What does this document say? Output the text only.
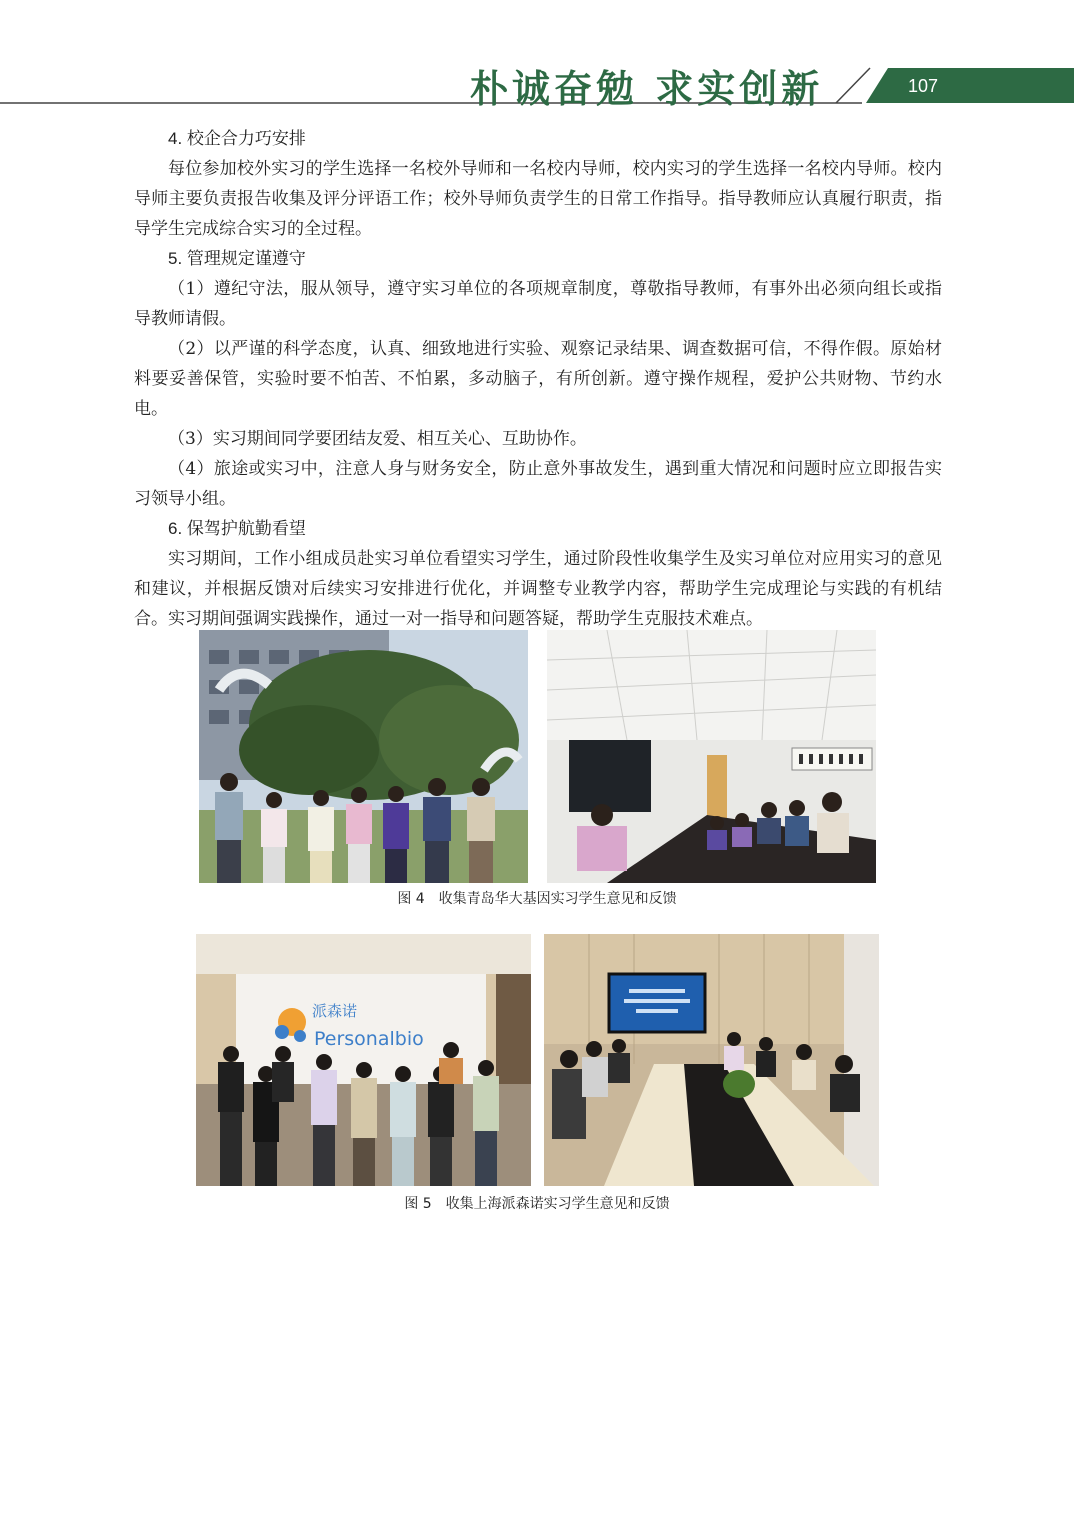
朴诚奋勉 求实创新	107

4. 校企合力巧安排

每位参加校外实习的学生选择一名校外导师和一名校内导师，校内实习的学生选择一名校内导师。校内导师主要负责报告收集及评分评语工作；校外导师负责学生的日常工作指导。指导教师应认真履行职责，指导学生完成综合实习的全过程。

5. 管理规定谨遵守

（1）遵纪守法，服从领导，遵守实习单位的各项规章制度，尊敬指导教师，有事外出必须向组长或指导教师请假。

（2）以严谨的科学态度，认真、细致地进行实验、观察记录结果、调查数据可信，不得作假。原始材料要妥善保管，实验时要不怕苦、不怕累，多动脑子，有所创新。遵守操作规程，爱护公共财物、节约水电。

（3）实习期间同学要团结友爱、相互关心、互助协作。

（4）旅途或实习中，注意人身与财务安全，防止意外事故发生，遇到重大情况和问题时应立即报告实习领导小组。

6. 保驾护航勤看望

实习期间，工作小组成员赴实习单位看望实习学生，通过阶段性收集学生及实习单位对应用实习的意见和建议，并根据反馈对后续实习安排进行优化，并调整专业教学内容，帮助学生完成理论与实践的有机结合。实习期间强调实践操作，通过一对一指导和问题答疑，帮助学生克服技术难点。

图 4　收集青岛华大基因实习学生意见和反馈
派森诺
Personalbio
图 5　收集上海派森诺实习学生意见和反馈
